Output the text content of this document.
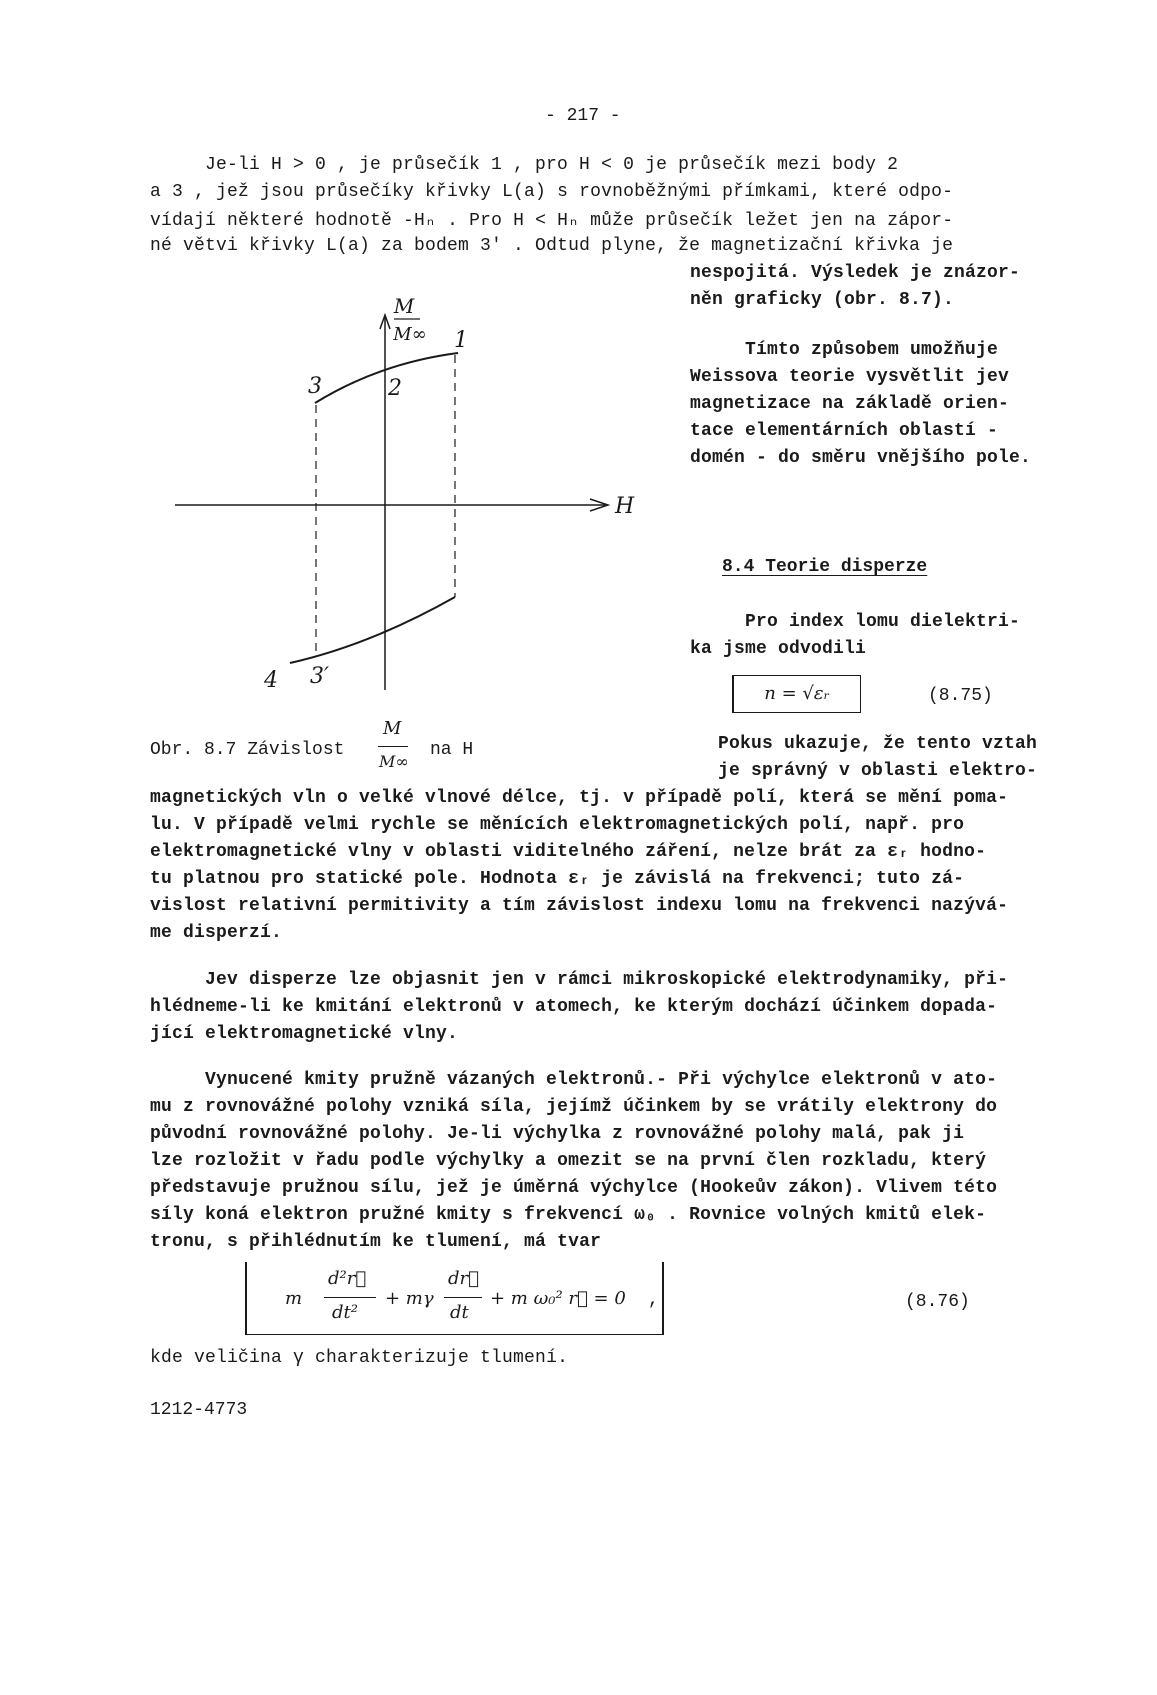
- 217 -
Je-li H > 0 , je průsečík 1 , pro H < 0 je průsečík mezi body 2
a 3 , jež jsou průsečíky křivky L(a) s rovnoběžnými přímkami, které odpo-
vídají některé hodnotě -Hₙ . Pro H < Hₙ může průsečík ležet jen na zápor-
né větvi křivky L(a) za bodem 3′ . Odtud plyne, že magnetizační křivka je
nespojitá. Výsledek je znázor-
něn graficky (obr. 8.7).
Tímto způsobem umožňuje
Weissova teorie vysvětlit jev
magnetizace na základě orien-
tace elementárních oblastí -
domén - do směru vnějšího pole.
M
M∞
H
1
2
3
3′
4
Obr. 8.7 Závislost
M
M∞
na H
8.4 Teorie disperze
Pro index lomu dielektri-
ka jsme odvodili
n = √εᵣ	(8.75)
Pokus ukazuje, že tento vztah
je správný v oblasti elektro-
magnetických vln o velké vlnové délce, tj. v případě polí, která se mění poma-
lu. V případě velmi rychle se měnících elektromagnetických polí, např. pro
elektromagnetické vlny v oblasti viditelného záření, nelze brát za εᵣ hodno-
tu platnou pro statické pole. Hodnota εᵣ je závislá na frekvenci; tuto zá-
vislost relativní permitivity a tím závislost indexu lomu na frekvenci nazývá-
me disperzí.
Jev disperze lze objasnit jen v rámci mikroskopické elektrodynamiky, při-
hlédneme-li ke kmitání elektronů v atomech, ke kterým dochází účinkem dopada-
jící elektromagnetické vlny.
Vynucené kmity pružně vázaných elektronů.- Při výchylce elektronů v ato-
mu z rovnovážné polohy vzniká síla, jejímž účinkem by se vrátily elektrony do
původní rovnovážné polohy. Je-li výchylka z rovnovážné polohy malá, pak ji
lze rozložit v řadu podle výchylky a omezit se na první člen rozkladu, který
představuje pružnou sílu, jež je úměrná výchylce (Hookeův zákon). Vlivem této
síly koná elektron pružné kmity s frekvencí ω₀ . Rovnice volných kmitů elek-
tronu, s přihlédnutím ke tlumení, má tvar
m
d²r⃗
dt²
+ mγ
dr⃗
dt
+ m ω₀² r⃗ = 0 ,	(8.76)
kde veličina γ charakterizuje tlumení.
1212-4773
